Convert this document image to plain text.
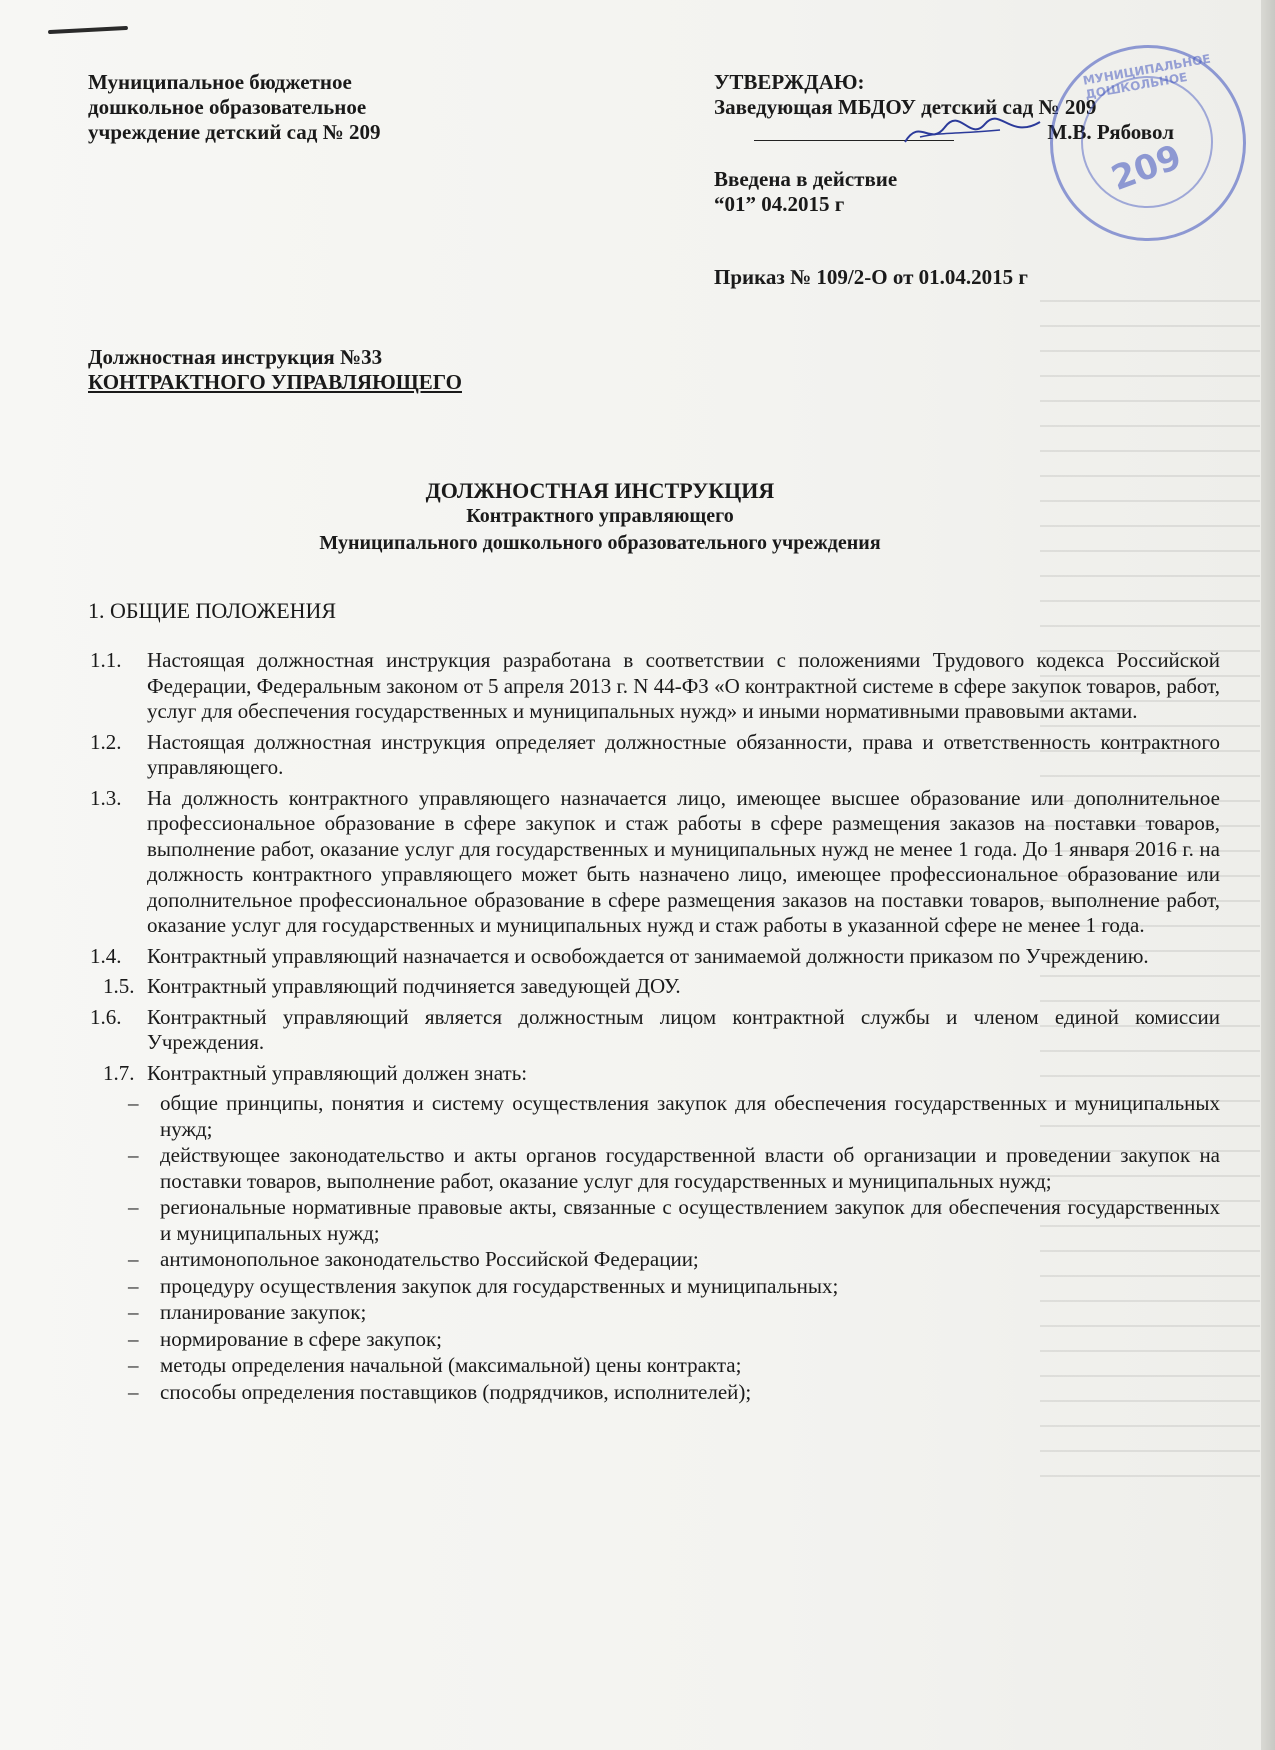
Муниципальное бюджетное
дошкольное образовательное
учреждение детский сад № 209
УТВЕРЖДАЮ:
Заведующая МБДОУ детский сад № 209
М.В. Рябовол
Введена в действие
“01” 04.2015 г
Приказ № 109/2-О от 01.04.2015 г
МУНИЦИПАЛЬНОЕ ДОШКОЛЬНОЕ
209
Должностная инструкция №33
КОНТРАКТНОГО УПРАВЛЯЮЩЕГО
ДОЛЖНОСТНАЯ ИНСТРУКЦИЯ
Контрактного управляющего
Муниципального дошкольного образовательного учреждения
1. ОБЩИЕ ПОЛОЖЕНИЯ
1.1.	Настоящая должностная инструкция разработана в соответствии с положениями Трудового кодекса Российской Федерации, Федеральным законом от 5 апреля 2013 г. N 44-ФЗ «О контрактной системе в сфере закупок товаров, работ, услуг для обеспечения государственных и муниципальных нужд» и иными нормативными правовыми актами.
1.2.	Настоящая должностная инструкция определяет должностные обязанности, права и ответственность контрактного управляющего.
1.3.	На должность контрактного управляющего назначается лицо, имеющее высшее образование или дополнительное профессиональное образование в сфере закупок и стаж работы в сфере размещения заказов на поставки товаров, выполнение работ, оказание услуг для государственных и муниципальных нужд не менее 1 года. До 1 января 2016 г. на должность контрактного управляющего может быть назначено лицо, имеющее профессиональное образование или дополнительное профессиональное образование в сфере размещения заказов на поставки товаров, выполнение работ, оказание услуг для государственных и муниципальных нужд и стаж работы в указанной сфере не менее 1 года.
1.4.	Контрактный управляющий назначается и освобождается от занимаемой должности приказом по Учреждению.
1.5. Контрактный управляющий подчиняется заведующей ДОУ.
1.6.	Контрактный управляющий является должностным лицом контрактной службы и членом единой комиссии Учреждения.
1.7. Контрактный управляющий должен знать:
–	общие принципы, понятия и систему осуществления закупок для обеспечения государственных и муниципальных нужд;
–	действующее законодательство и акты органов государственной власти об организации и проведении закупок на поставки товаров, выполнение работ, оказание услуг для государственных и муниципальных нужд;
–	региональные нормативные правовые акты, связанные с осуществлением закупок для обеспечения государственных и муниципальных нужд;
–	антимонопольное законодательство Российской Федерации;
–	процедуру осуществления закупок для государственных и муниципальных;
–	планирование закупок;
–	нормирование в сфере закупок;
–	методы определения начальной (максимальной) цены контракта;
–	способы определения поставщиков (подрядчиков, исполнителей);
